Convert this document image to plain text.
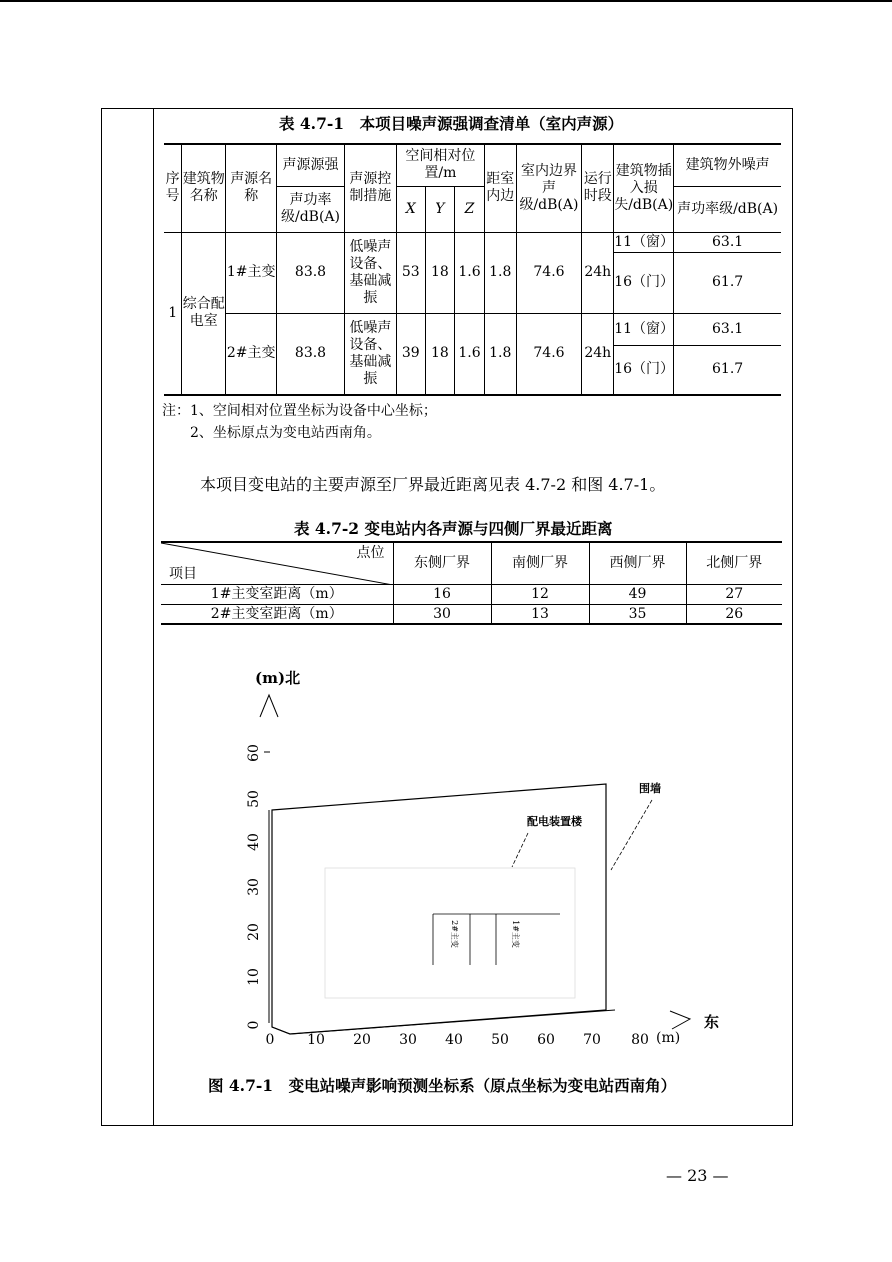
表 4.7-1　本项目噪声源强调查清单（室内声源）
序号	建筑物名称	声源名称	声源源强	声源控制措施	空间相对位置/m			距室内边	室内边界声级/dB(A)	运行时段	建筑物插入损失/dB(A)	建筑物外噪声
			声功率级/dB(A)		X	Y	Z					声功率级/dB(A)
1	综合配电室	1#主变	83.8	低噪声设备、基础减振	53	18	1.6	1.8	74.6	24h	11（窗）	63.1
											16（门）	61.7
		2#主变	83.8	低噪声设备、基础减振	39	18	1.6	1.8	74.6	24h	11（窗）	63.1
											16（门）	61.7
注：1、空间相对位置坐标为设备中心坐标；
2、坐标原点为变电站西南角。
本项目变电站的主要声源至厂界最近距离见表 4.7-2 和图 4.7-1。
表 4.7-2 变电站内各声源与四侧厂界最近距离
点位
项目	东侧厂界	南侧厂界	西侧厂界	北侧厂界
1#主变室距离（m）	16	12	49	27
2#主变室距离（m）	30	13	35	26
(m)北
0
10
20
30
40
50
60
0 10 20 30 40 50 60 70 80 (m)
东
围墙
配电装置楼
2#主变	1#主变
图 4.7-1　变电站噪声影响预测坐标系（原点坐标为变电站西南角）
— 23 —
